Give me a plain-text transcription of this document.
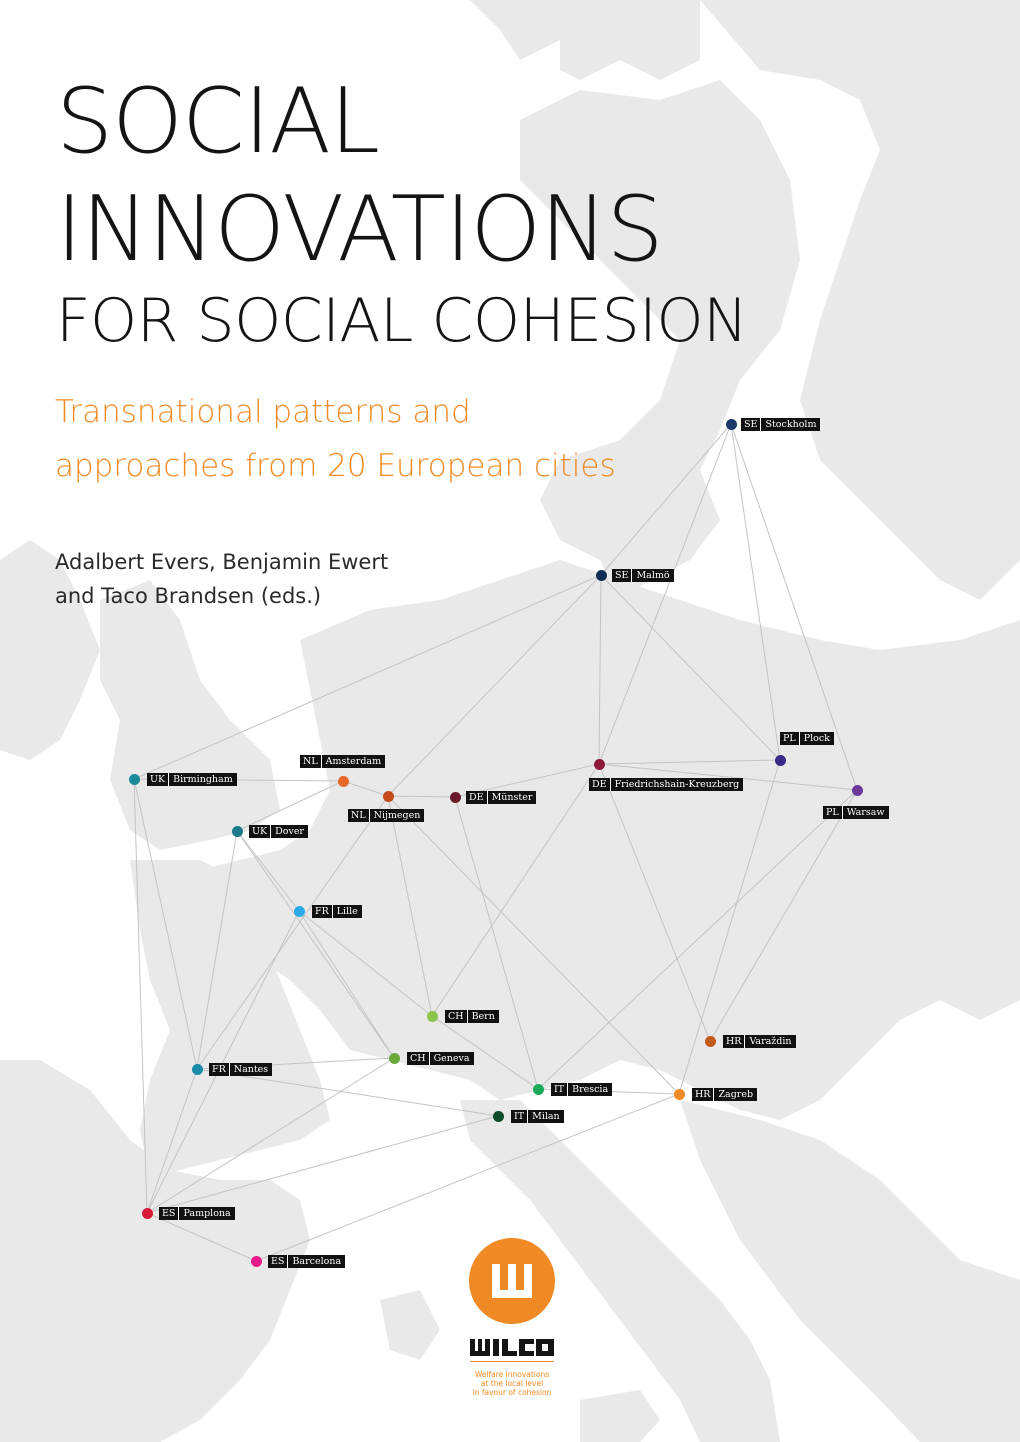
SOCIAL
INNOVATIONS
FOR SOCIAL COHESION
Transnational patterns and
approaches from 20 European cities
Adalbert Evers, Benjamin Ewert
and Taco Brandsen (eds.)
SE Stockholm
SE Malmö
PL Plock
DE Friedrichshain-Kreuzberg
PL Warsaw
NL Amsterdam
UK Birmingham
NL Nijmegen
DE Münster
UK Dover
FR Lille
CH Bern
HR Varaždin
CH Geneva
FR Nantes
IT Brescia	HR Zagreb
IT Milan
ES Pamplona
ES Barcelona
WILCO
Welfare innovations
at the local level
in favour of cohesion
